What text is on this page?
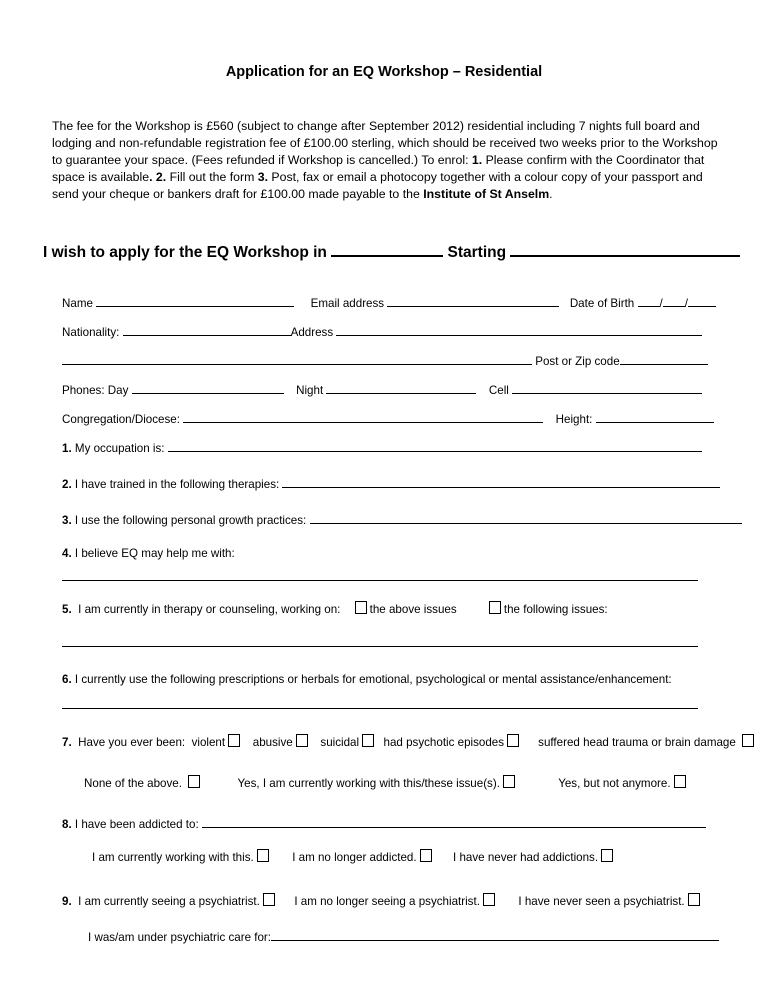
Application for an EQ Workshop – Residential
The fee for the Workshop is £560 (subject to change after September 2012) residential including 7 nights full board and lodging and non-refundable registration fee of £100.00 sterling, which should be received two weeks prior to the Workshop to guarantee your space. (Fees refunded if Workshop is cancelled.) To enrol: 1. Please confirm with the Coordinator that space is available. 2. Fill out the form 3. Post, fax or email a photocopy together with a colour copy of your passport and send your cheque or bankers draft for £100.00 made payable to the Institute of St Anselm.
I wish to apply for the EQ Workshop in	Starting
Name	Email address	Date of Birth / /
Nationality:	Address
Post or Zip code
Phones: Day	Night	Cell
Congregation/Diocese:	Height:
1. My occupation is:
2. I have trained in the following therapies:
3. I use the following personal growth practices:
4. I believe EQ may help me with:
5. I am currently in therapy or counseling, working on:	the above issues	the following issues:
6. I currently use the following prescriptions or herbals for emotional, psychological or mental assistance/enhancement:
7. Have you ever been: violent abusive suicidal had psychotic episodes	suffered head trauma or brain damage
None of the above.	Yes, I am currently working with this/these issue(s).	Yes, but not anymore.
8. I have been addicted to:
I am currently working with this.	I am no longer addicted.	I have never had addictions.
9. I am currently seeing a psychiatrist.	I am no longer seeing a psychiatrist.	I have never seen a psychiatrist.
I was/am under psychiatric care for:
